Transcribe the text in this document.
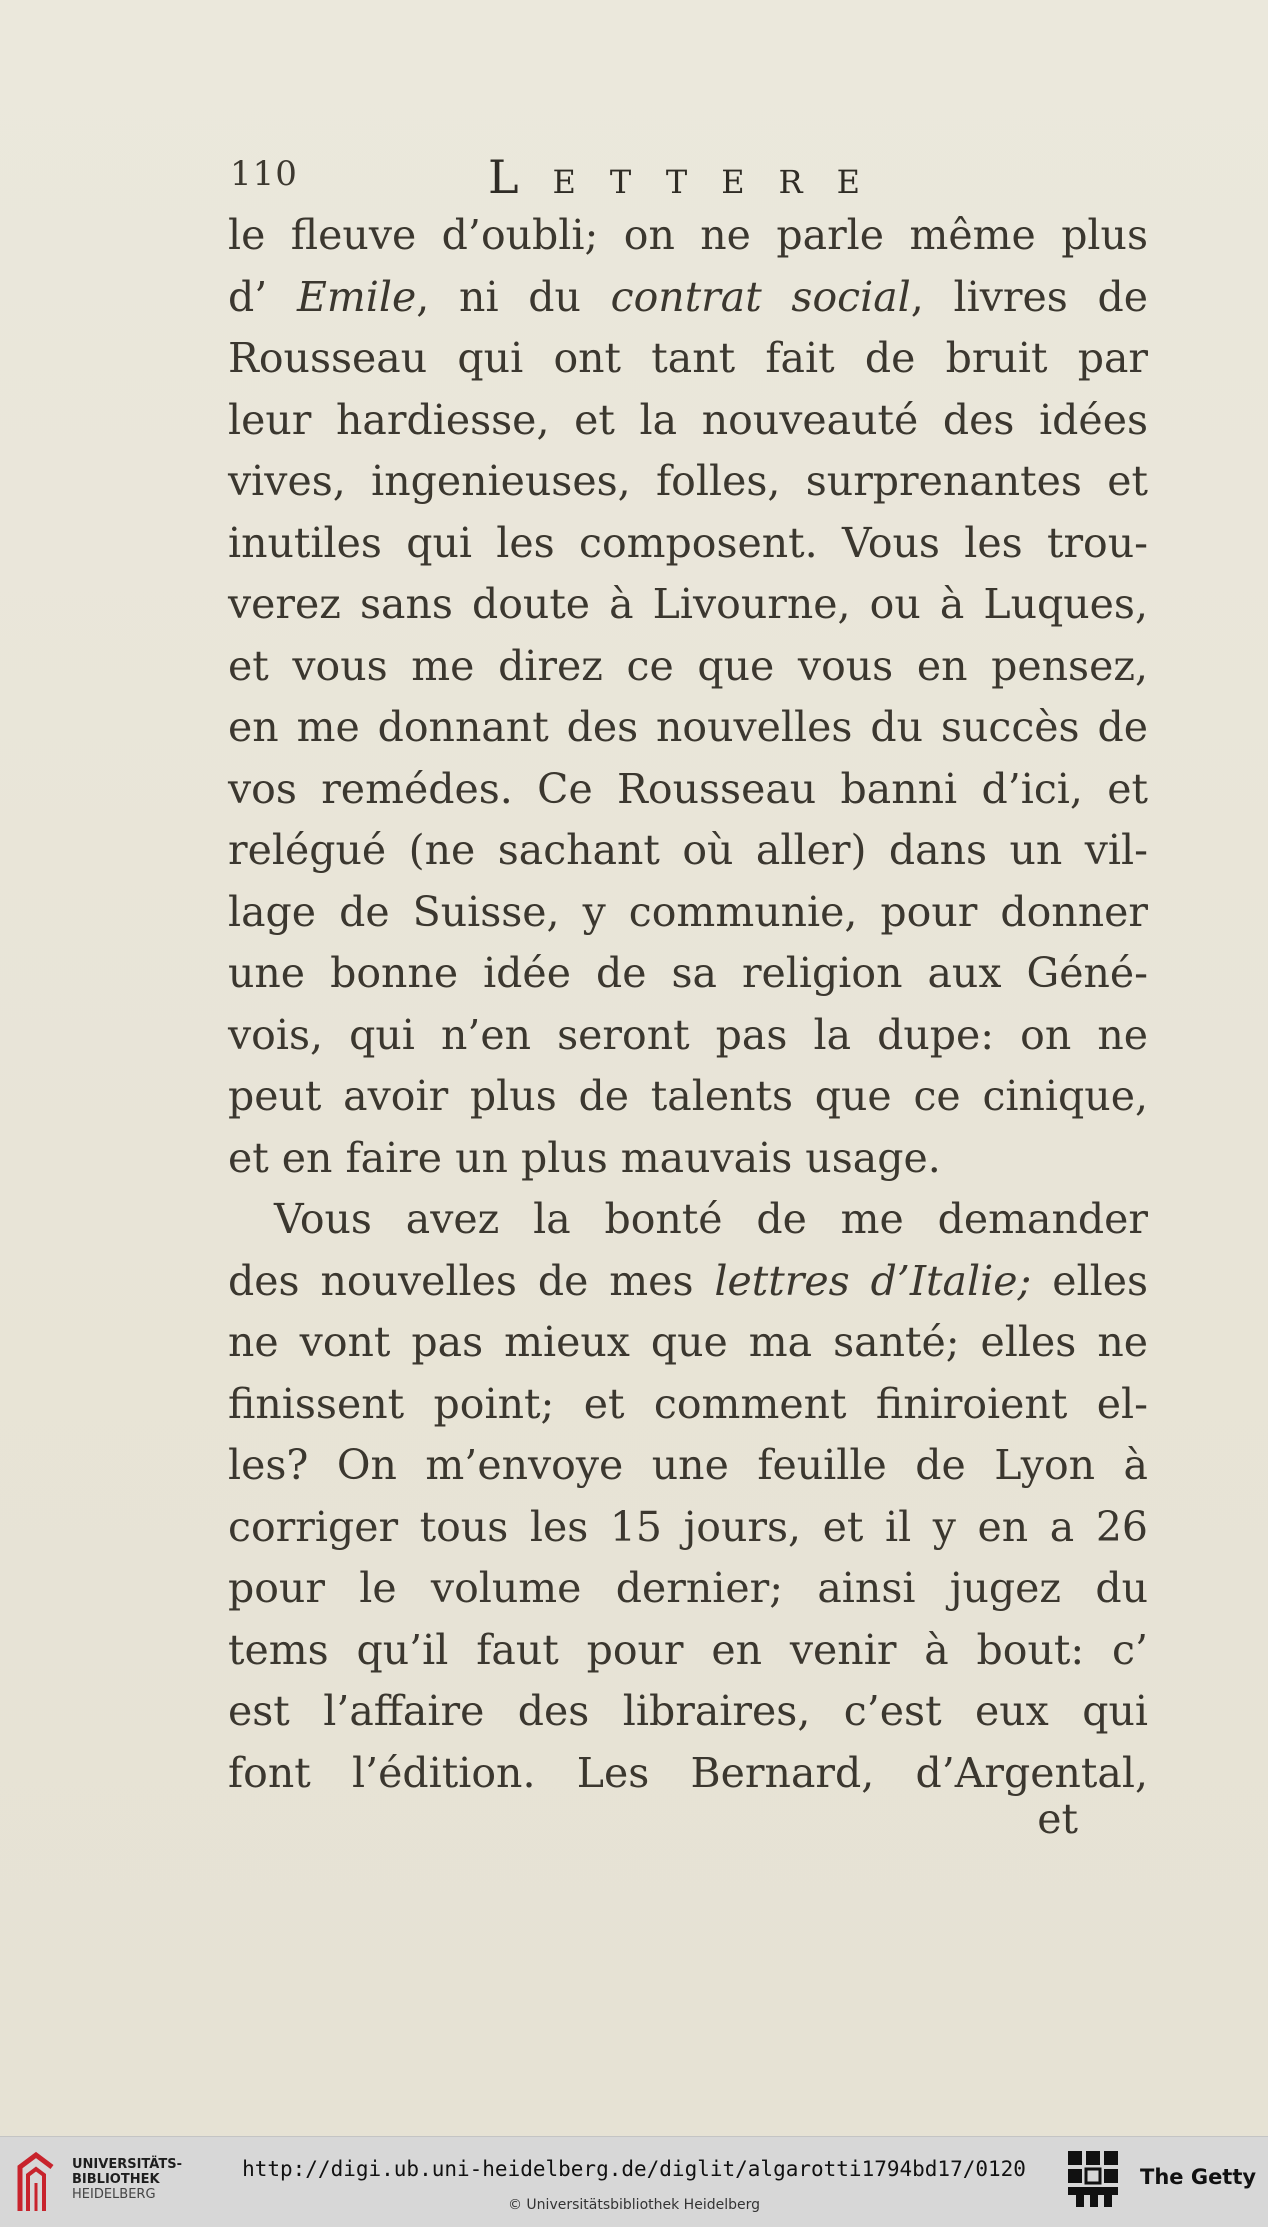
110	Lettere
le fleuve d’oubli; on ne parle même plus
d’ Emile, ni du contrat social, livres de
Rousseau qui ont tant fait de bruit par
leur hardiesse, et la nouveauté des idées
vives, ingenieuses, folles, surprenantes et
inutiles qui les composent. Vous les trou-
verez sans doute à Livourne, ou à Luques,
et vous me direz ce que vous en pensez,
en me donnant des nouvelles du succès de
vos remédes. Ce Rousseau banni d’ici, et
relégué (ne sachant où aller) dans un vil-
lage de Suisse, y communie, pour donner
une bonne idée de sa religion aux Géné-
vois, qui n’en seront pas la dupe: on ne
peut avoir plus de talents que ce cinique,
et en faire un plus mauvais usage.
Vous avez la bonté de me demander
des nouvelles de mes lettres d’Italie; elles
ne vont pas mieux que ma santé; elles ne
finissent point; et comment finiroient el-
les? On m’envoye une feuille de Lyon à
corriger tous les 15 jours, et il y en a 26
pour le volume dernier; ainsi jugez du
tems qu’il faut pour en venir à bout: c’
est l’affaire des libraires, c’est eux qui
font l’édition. Les Bernard, d’Argental,
et
UNIVERSITÄTS-
BIBLIOTHEK
HEIDELBERG
http://digi.ub.uni-heidelberg.de/diglit/algarotti1794bd17/0120
© Universitätsbibliothek Heidelberg
The Getty
